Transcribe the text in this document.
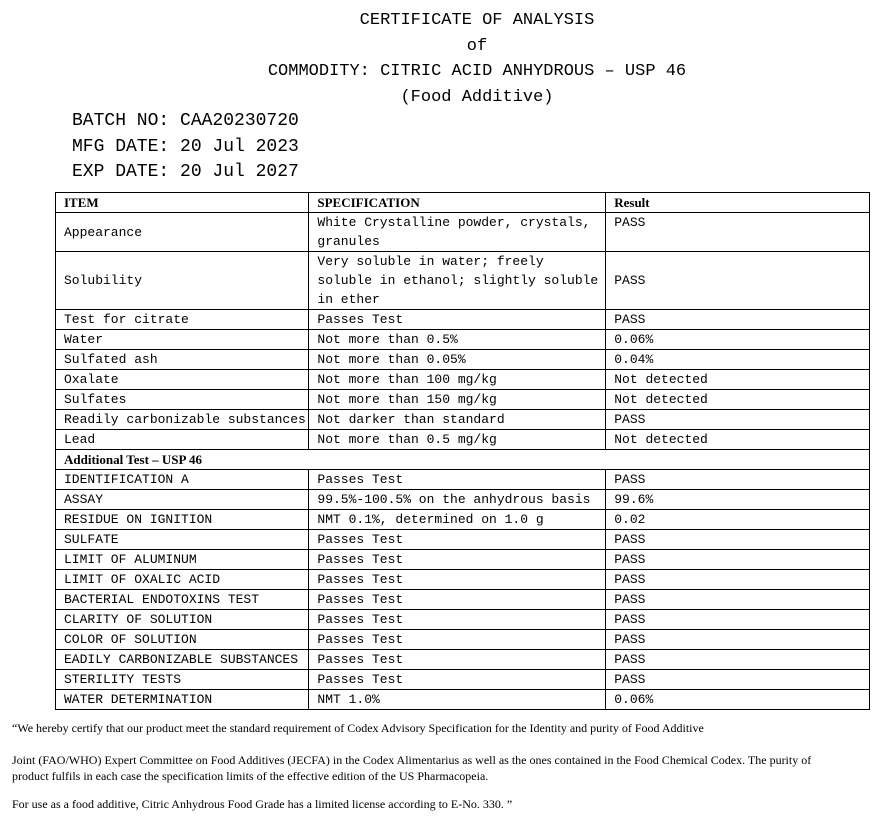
CERTIFICATE OF ANALYSIS
of
COMMODITY: CITRIC ACID ANHYDROUS – USP 46
(Food Additive)
BATCH NO: CAA20230720
MFG DATE: 20 Jul 2023
EXP DATE: 20 Jul 2027
ITEM	SPECIFICATION	Result
Appearance	White Crystalline powder, crystals, granules	PASS
Solubility	Very soluble in water; freely soluble in ethanol; slightly soluble in ether	PASS
Test for citrate	Passes Test	PASS
Water	Not more than 0.5%	0.06%
Sulfated ash	Not more than 0.05%	0.04%
Oxalate	Not more than 100 mg/kg	Not detected
Sulfates	Not more than 150 mg/kg	Not detected
Readily carbonizable substances	Not darker than standard	PASS
Lead	Not more than 0.5 mg/kg	Not detected
Additional Test – USP 46		
IDENTIFICATION A	Passes Test	PASS
ASSAY	99.5%-100.5% on the anhydrous basis	99.6%
RESIDUE ON IGNITION	NMT 0.1%, determined on 1.0 g	0.02
SULFATE	Passes Test	PASS
LIMIT OF ALUMINUM	Passes Test	PASS
LIMIT OF OXALIC ACID	Passes Test	PASS
BACTERIAL ENDOTOXINS TEST	Passes Test	PASS
CLARITY OF SOLUTION	Passes Test	PASS
COLOR OF SOLUTION	Passes Test	PASS
EADILY CARBONIZABLE SUBSTANCES	Passes Test	PASS
STERILITY TESTS	Passes Test	PASS
WATER DETERMINATION	NMT 1.0%	0.06%

“We hereby certify that our product meet the standard requirement of Codex Advisory Specification for the Identity and purity of Food Additive

Joint (FAO/WHO) Expert Committee on Food Additives (JECFA) in the Codex Alimentarius as well as the ones contained in the Food Chemical Codex. The purity of

product fulfils in each case the specification limits of the effective edition of the US Pharmacopeia.

For use as a food additive, Citric Anhydrous Food Grade has a limited license according to E-No. 330. ”
